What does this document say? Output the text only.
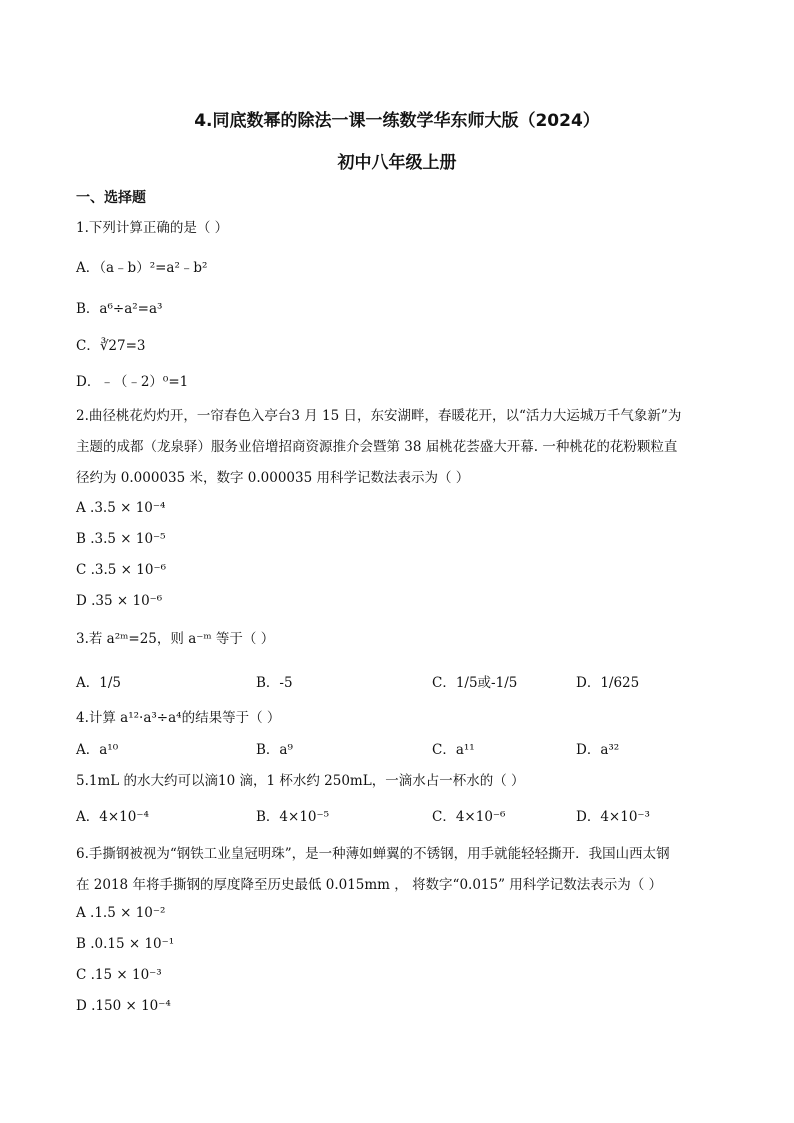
4.同底数幂的除法一课一练数学华东师大版（2024）
初中八年级上册
一、选择题
1.下列计算正确的是（ ）
A．（a﹣b）²=a²﹣b²
B．a⁶÷a²=a³
C．∛27=3
D．﹣（﹣2）⁰=1
2.曲径桃花灼灼开，一帘春色入亭台3 月 15 日，东安湖畔，春暖花开，以“活力大运城万千气象新”为
主题的成都（龙泉驿）服务业倍增招商资源推介会暨第 38 届桃花荟盛大开幕. 一种桃花的花粉颗粒直
径约为 0.000035 米，数字 0.000035 用科学记数法表示为（ ）
A .3.5 × 10⁻⁴
B .3.5 × 10⁻⁵
C .3.5 × 10⁻⁶
D .35 × 10⁻⁶
3.若 a²ᵐ=25，则 a⁻ᵐ 等于（ ）
A．1/5	B．-5	C．1/5或-1/5	D．1/625
4.计算 a¹²·a³÷a⁴的结果等于（ ）
A．a¹⁰	B．a⁹	C．a¹¹	D．a³²
5.1mL 的水大约可以滴10 滴，1 杯水约 250mL，一滴水占一杯水的（ ）
A．4×10⁻⁴	B．4×10⁻⁵	C．4×10⁻⁶	D．4×10⁻³
6.手撕钢被视为“钢铁工业皇冠明珠”，是一种薄如蝉翼的不锈钢，用手就能轻轻撕开．我国山西太钢
在 2018 年将手撕钢的厚度降至历史最低 0.015mm ， 将数字“0.015” 用科学记数法表示为（ ）
A .1.5 × 10⁻²
B .0.15 × 10⁻¹
C .15 × 10⁻³
D .150 × 10⁻⁴
